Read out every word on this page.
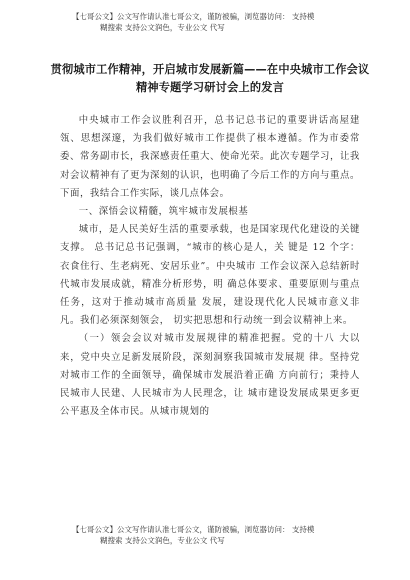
【七哥公文】公文写作请认准七哥公文，谨防被骗，浏览器访问： 支持模
糊搜索 支持公文润色，专业公文 代写
贯彻城市工作精神，开启城市发展新篇——在中央城市工作会议精神专题学习研讨会上的发言

中央城市工作会议胜利召开，总书记总书记的重要讲话高屋建瓴、思想深邃，为我们做好城市工作提供了根本遵循。作为市委常委、常务副市长，我深感责任重大、使命光荣。此次专题学习，让我对会议精神有了更为深刻的认识，也明确了今后工作的方向与重点。下面，我结合工作实际，谈几点体会。

一、深悟会议精髓，筑牢城市发展根基

城市，是人民美好生活的重要承载，也是国家现代化建设的关键支撑。 总书记总书记强调，“城市的核心是人，关 键是 12 个字：衣食住行、生老病死、安居乐业”。中央城市 工作会议深入总结新时代城市发展成就，精准分析形势，明 确总体要求、重要原则与重点任务，这对于推动城市高质量 发展，建设现代化人民城市意义非凡。我们必须深刻领会， 切实把思想和行动统一到会议精神上来。

（一）领会会议对城市发展规律的精准把握。党的十八 大以来，党中央立足新发展阶段，深刻洞察我国城市发展规 律。坚持党对城市工作的全面领导，确保城市发展沿着正确 方向前行；秉持人民城市人民建、人民城市为人民理念，让 城市建设发展成果更多更公平惠及全体市民。从城市规划的

【七哥公文】公文写作请认准七哥公文，谨防被骗，浏览器访问： 支持模
糊搜索 支持公文润色，专业公文 代写
